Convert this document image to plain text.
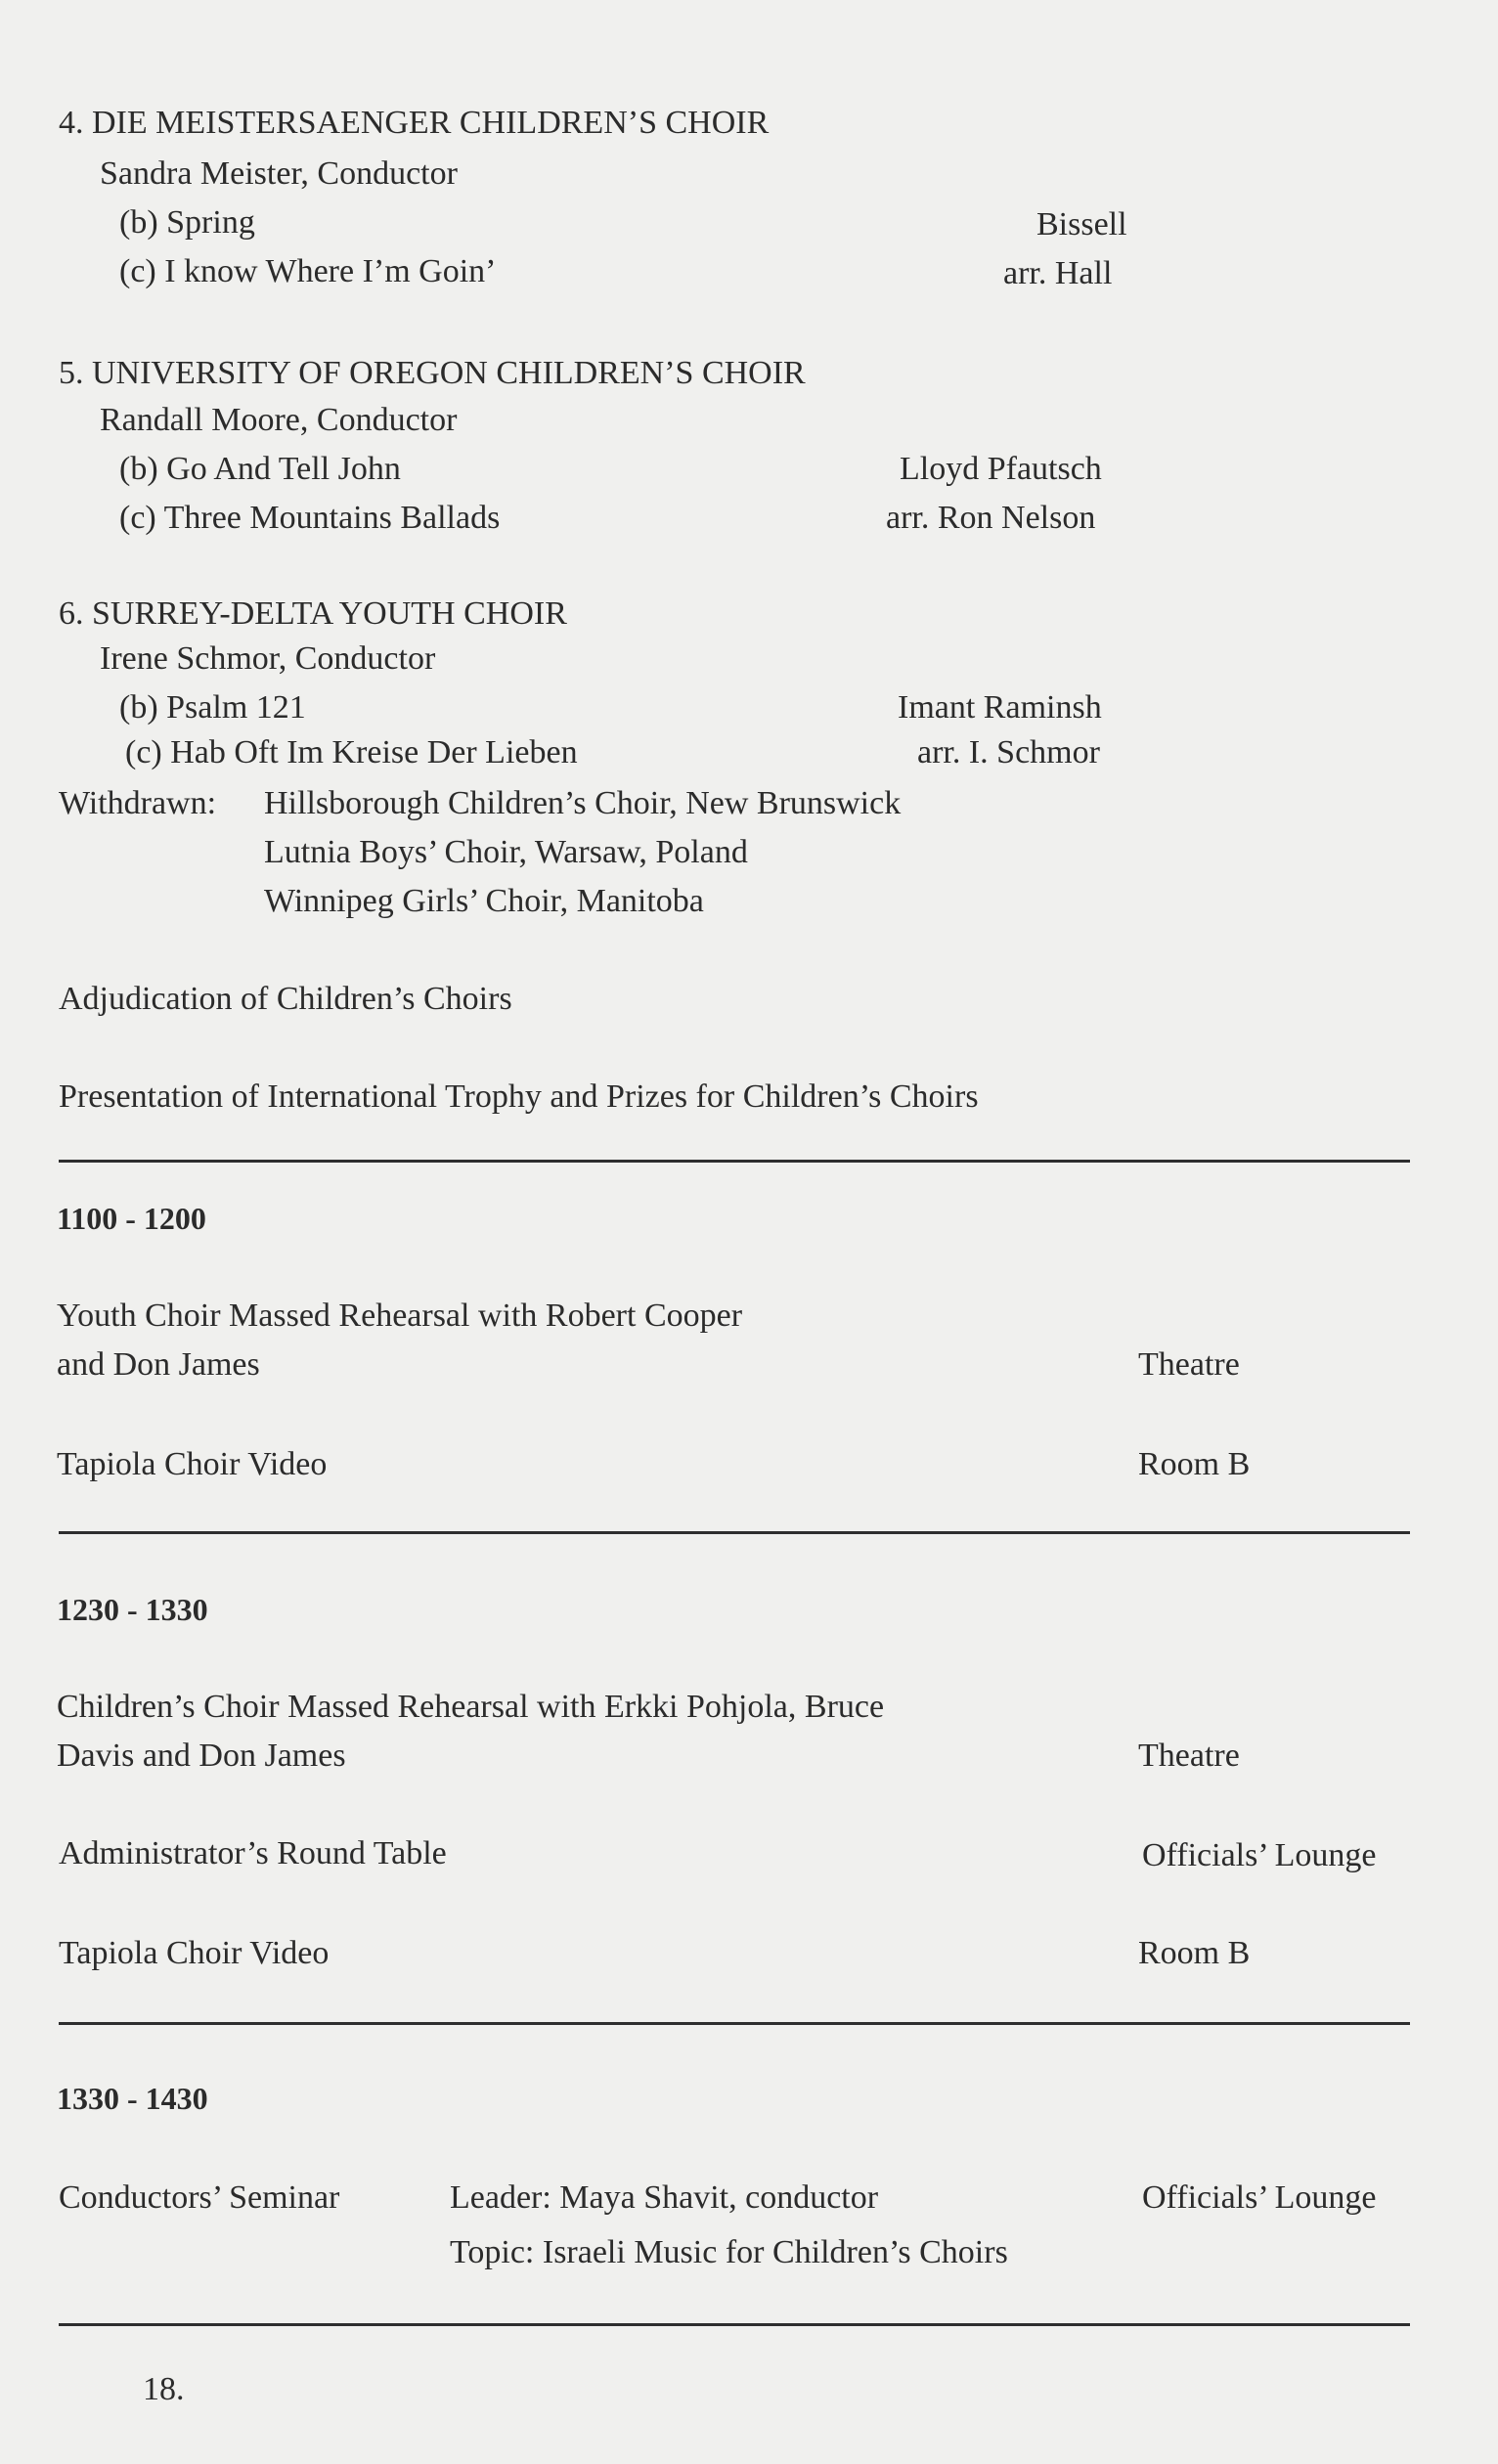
4. DIE MEISTERSAENGER CHILDREN’S CHOIR
Sandra Meister, Conductor
(b) Spring	Bissell
(c) I know Where I’m Goin’	arr. Hall
5. UNIVERSITY OF OREGON CHILDREN’S CHOIR
Randall Moore, Conductor
(b) Go And Tell John	Lloyd Pfautsch
(c) Three Mountains Ballads	arr. Ron Nelson
6. SURREY-DELTA YOUTH CHOIR
Irene Schmor, Conductor
(b) Psalm 121	Imant Raminsh
(c) Hab Oft Im Kreise Der Lieben	arr. I. Schmor
Withdrawn: Hillsborough Children’s Choir, New Brunswick
Lutnia Boys’ Choir, Warsaw, Poland
Winnipeg Girls’ Choir, Manitoba
Adjudication of Children’s Choirs
Presentation of International Trophy and Prizes for Children’s Choirs
1100 - 1200
Youth Choir Massed Rehearsal with Robert Cooper
and Don James	Theatre
Tapiola Choir Video	Room B
1230 - 1330
Children’s Choir Massed Rehearsal with Erkki Pohjola, Bruce
Davis and Don James	Theatre
Administrator’s Round Table	Officials’ Lounge
Tapiola Choir Video	Room B
1330 - 1430
Conductors’ Seminar	Leader: Maya Shavit, conductor	Officials’ Lounge
Topic: Israeli Music for Children’s Choirs
18.
